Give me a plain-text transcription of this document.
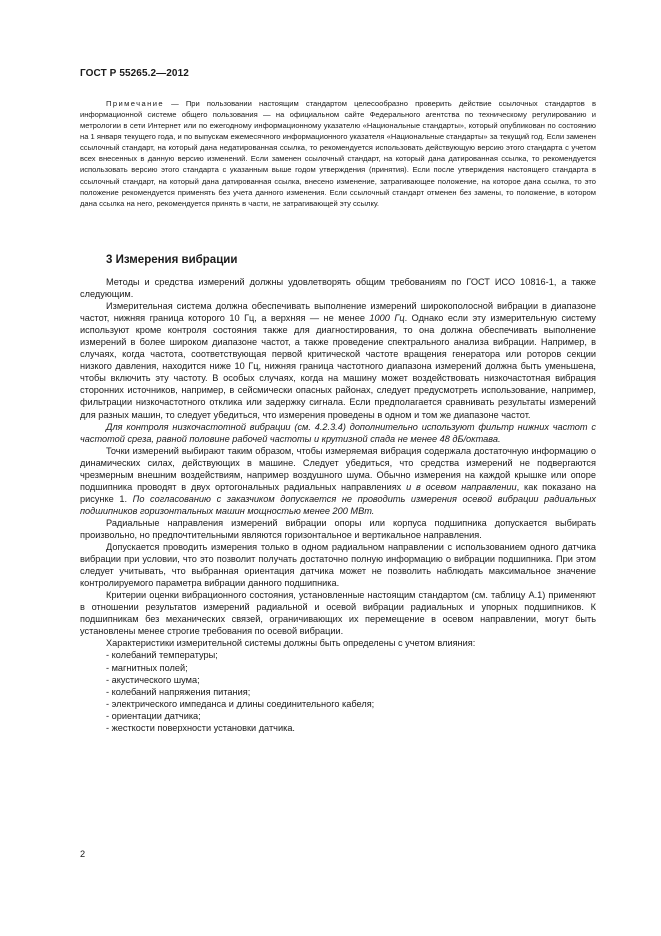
ГОСТ Р 55265.2—2012

Примечание — При пользовании настоящим стандартом целесообразно проверить действие ссылочных стандартов в информационной системе общего пользования — на официальном сайте Федерального агентства по техническому регулированию и метрологии в сети Интернет или по ежегодному информационному указателю «Национальные стандарты», который опубликован по состоянию на 1 января текущего года, и по выпускам ежемесячного информационного указателя «Национальные стандарты» за текущий год. Если заменен ссылочный стандарт, на который дана недатированная ссылка, то рекомендуется использовать действующую версию этого стандарта с учетом всех внесенных в данную версию изменений. Если заменен ссылочный стандарт, на который дана датированная ссылка, то рекомендуется использовать версию этого стандарта с указанным выше годом утверждения (принятия). Если после утверждения настоящего стандарта в ссылочный стандарт, на который дана датированная ссылка, внесено изменение, затрагивающее положение, на которое дана ссылка, то это положение рекомендуется применять без учета данного изменения. Если ссылочный стандарт отменен без замены, то положение, в котором дана ссылка на него, рекомендуется принять в части, не затрагивающей эту ссылку.

3 Измерения вибрации

Методы и средства измерений должны удовлетворять общим требованиям по ГОСТ ИСО 10816-1, а также следующим.

Измерительная система должна обеспечивать выполнение измерений широкополосной вибрации в диапазоне частот, нижняя граница которого 10 Гц, а верхняя — не менее 1000 Гц. Однако если эту измерительную систему используют кроме контроля состояния также для диагностирования, то она должна обеспечивать выполнение измерений в более широком диапазоне частот, а также проведение спектрального анализа вибрации. Например, в случаях, когда частота, соответствующая первой критической частоте вращения генератора или роторов секции низкого давления, находится ниже 10 Гц, нижняя граница частотного диапазона измерений должна быть уменьшена, чтобы включить эту частоту. В особых случаях, когда на машину может воздействовать низкочастотная вибрация сторонних источников, например, в сейсмически опасных районах, следует предусмотреть использование, например, фильтрации низкочастотного отклика или задержку сигнала. Если предполагается сравнивать результаты измерений для разных машин, то следует убедиться, что измерения проведены в одном и том же диапазоне частот.

Для контроля низкочастотной вибрации (см. 4.2.3.4) дополнительно используют фильтр нижних частот с частотой среза, равной половине рабочей частоты и крутизной спада не менее 48 дБ/октава.

Точки измерений выбирают таким образом, чтобы измеряемая вибрация содержала достаточную информацию о динамических силах, действующих в машине. Следует убедиться, что средства измерений не подвергаются чрезмерным внешним воздействиям, например воздушного шума. Обычно измерения на каждой крышке или опоре подшипника проводят в двух ортогональных радиальных направлениях и в осевом направлении, как показано на рисунке 1. По согласованию с заказчиком допускается не проводить измерения осевой вибрации радиальных подшипников горизонтальных машин мощностью менее 200 МВт.

Радиальные направления измерений вибрации опоры или корпуса подшипника допускается выбирать произвольно, но предпочтительными являются горизонтальное и вертикальное направления.

Допускается проводить измерения только в одном радиальном направлении с использованием одного датчика вибрации при условии, что это позволит получать достаточно полную информацию о вибрации подшипника. При этом следует учитывать, что выбранная ориентация датчика может не позволить наблюдать максимальное значение контролируемого параметра вибрации данного подшипника.

Критерии оценки вибрационного состояния, установленные настоящим стандартом (см. таблицу А.1) применяют в отношении результатов измерений радиальной и осевой вибрации радиальных и упорных подшипников. К подшипникам без механических связей, ограничивающих их перемещение в осевом направлении, могут быть установлены менее строгие требования по осевой вибрации.

Характеристики измерительной системы должны быть определены с учетом влияния:

- колебаний температуры;
- магнитных полей;
- акустического шума;
- колебаний напряжения питания;
- электрического импеданса и длины соединительного кабеля;
- ориентации датчика;
- жесткости поверхности установки датчика.
2
